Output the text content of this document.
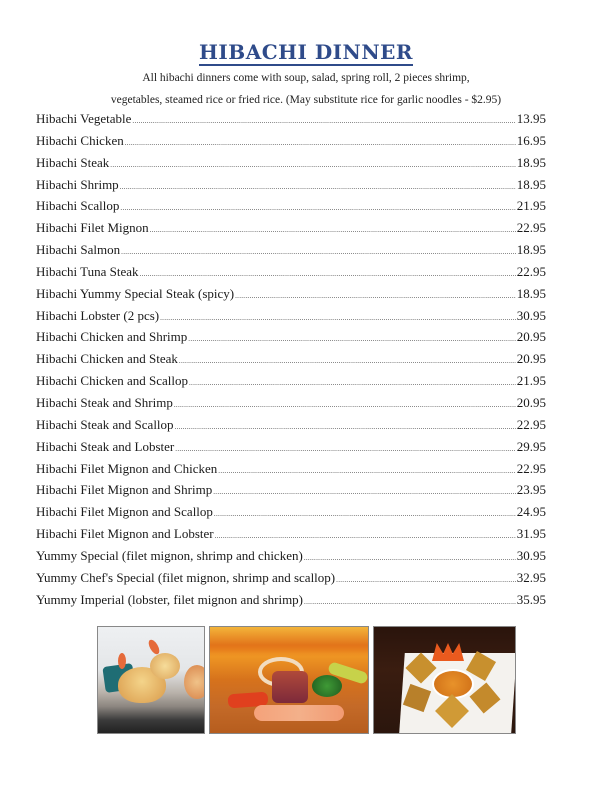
HIBACHI DINNER
All hibachi dinners come with soup, salad, spring roll, 2 pieces shrimp,
vegetables, steamed rice or fried rice. (May substitute rice for garlic noodles - $2.95)
Hibachi Vegetable .....	13.95
Hibachi Chicken .....	16.95
Hibachi Steak .....	18.95
Hibachi Shrimp .....	18.95
Hibachi Scallop .....	21.95
Hibachi Filet Mignon .....	22.95
Hibachi Salmon .....	18.95
Hibachi Tuna Steak .....	22.95
Hibachi Yummy Special Steak (spicy) .....	18.95
Hibachi Lobster (2 pcs) .....	30.95
Hibachi Chicken and Shrimp .....	20.95
Hibachi Chicken and Steak .....	20.95
Hibachi Chicken and Scallop .....	21.95
Hibachi Steak and Shrimp .....	20.95
Hibachi Steak and Scallop .....	22.95
Hibachi Steak and Lobster .....	29.95
Hibachi Filet Mignon and Chicken .....	22.95
Hibachi Filet Mignon and Shrimp .....	23.95
Hibachi Filet Mignon and Scallop .....	24.95
Hibachi Filet Mignon and Lobster .....	31.95
Yummy Special (filet mignon, shrimp and chicken) .....	30.95
Yummy Chef's Special (filet mignon, shrimp and scallop) .....	32.95
Yummy Imperial (lobster, filet mignon and shrimp) .....	35.95
